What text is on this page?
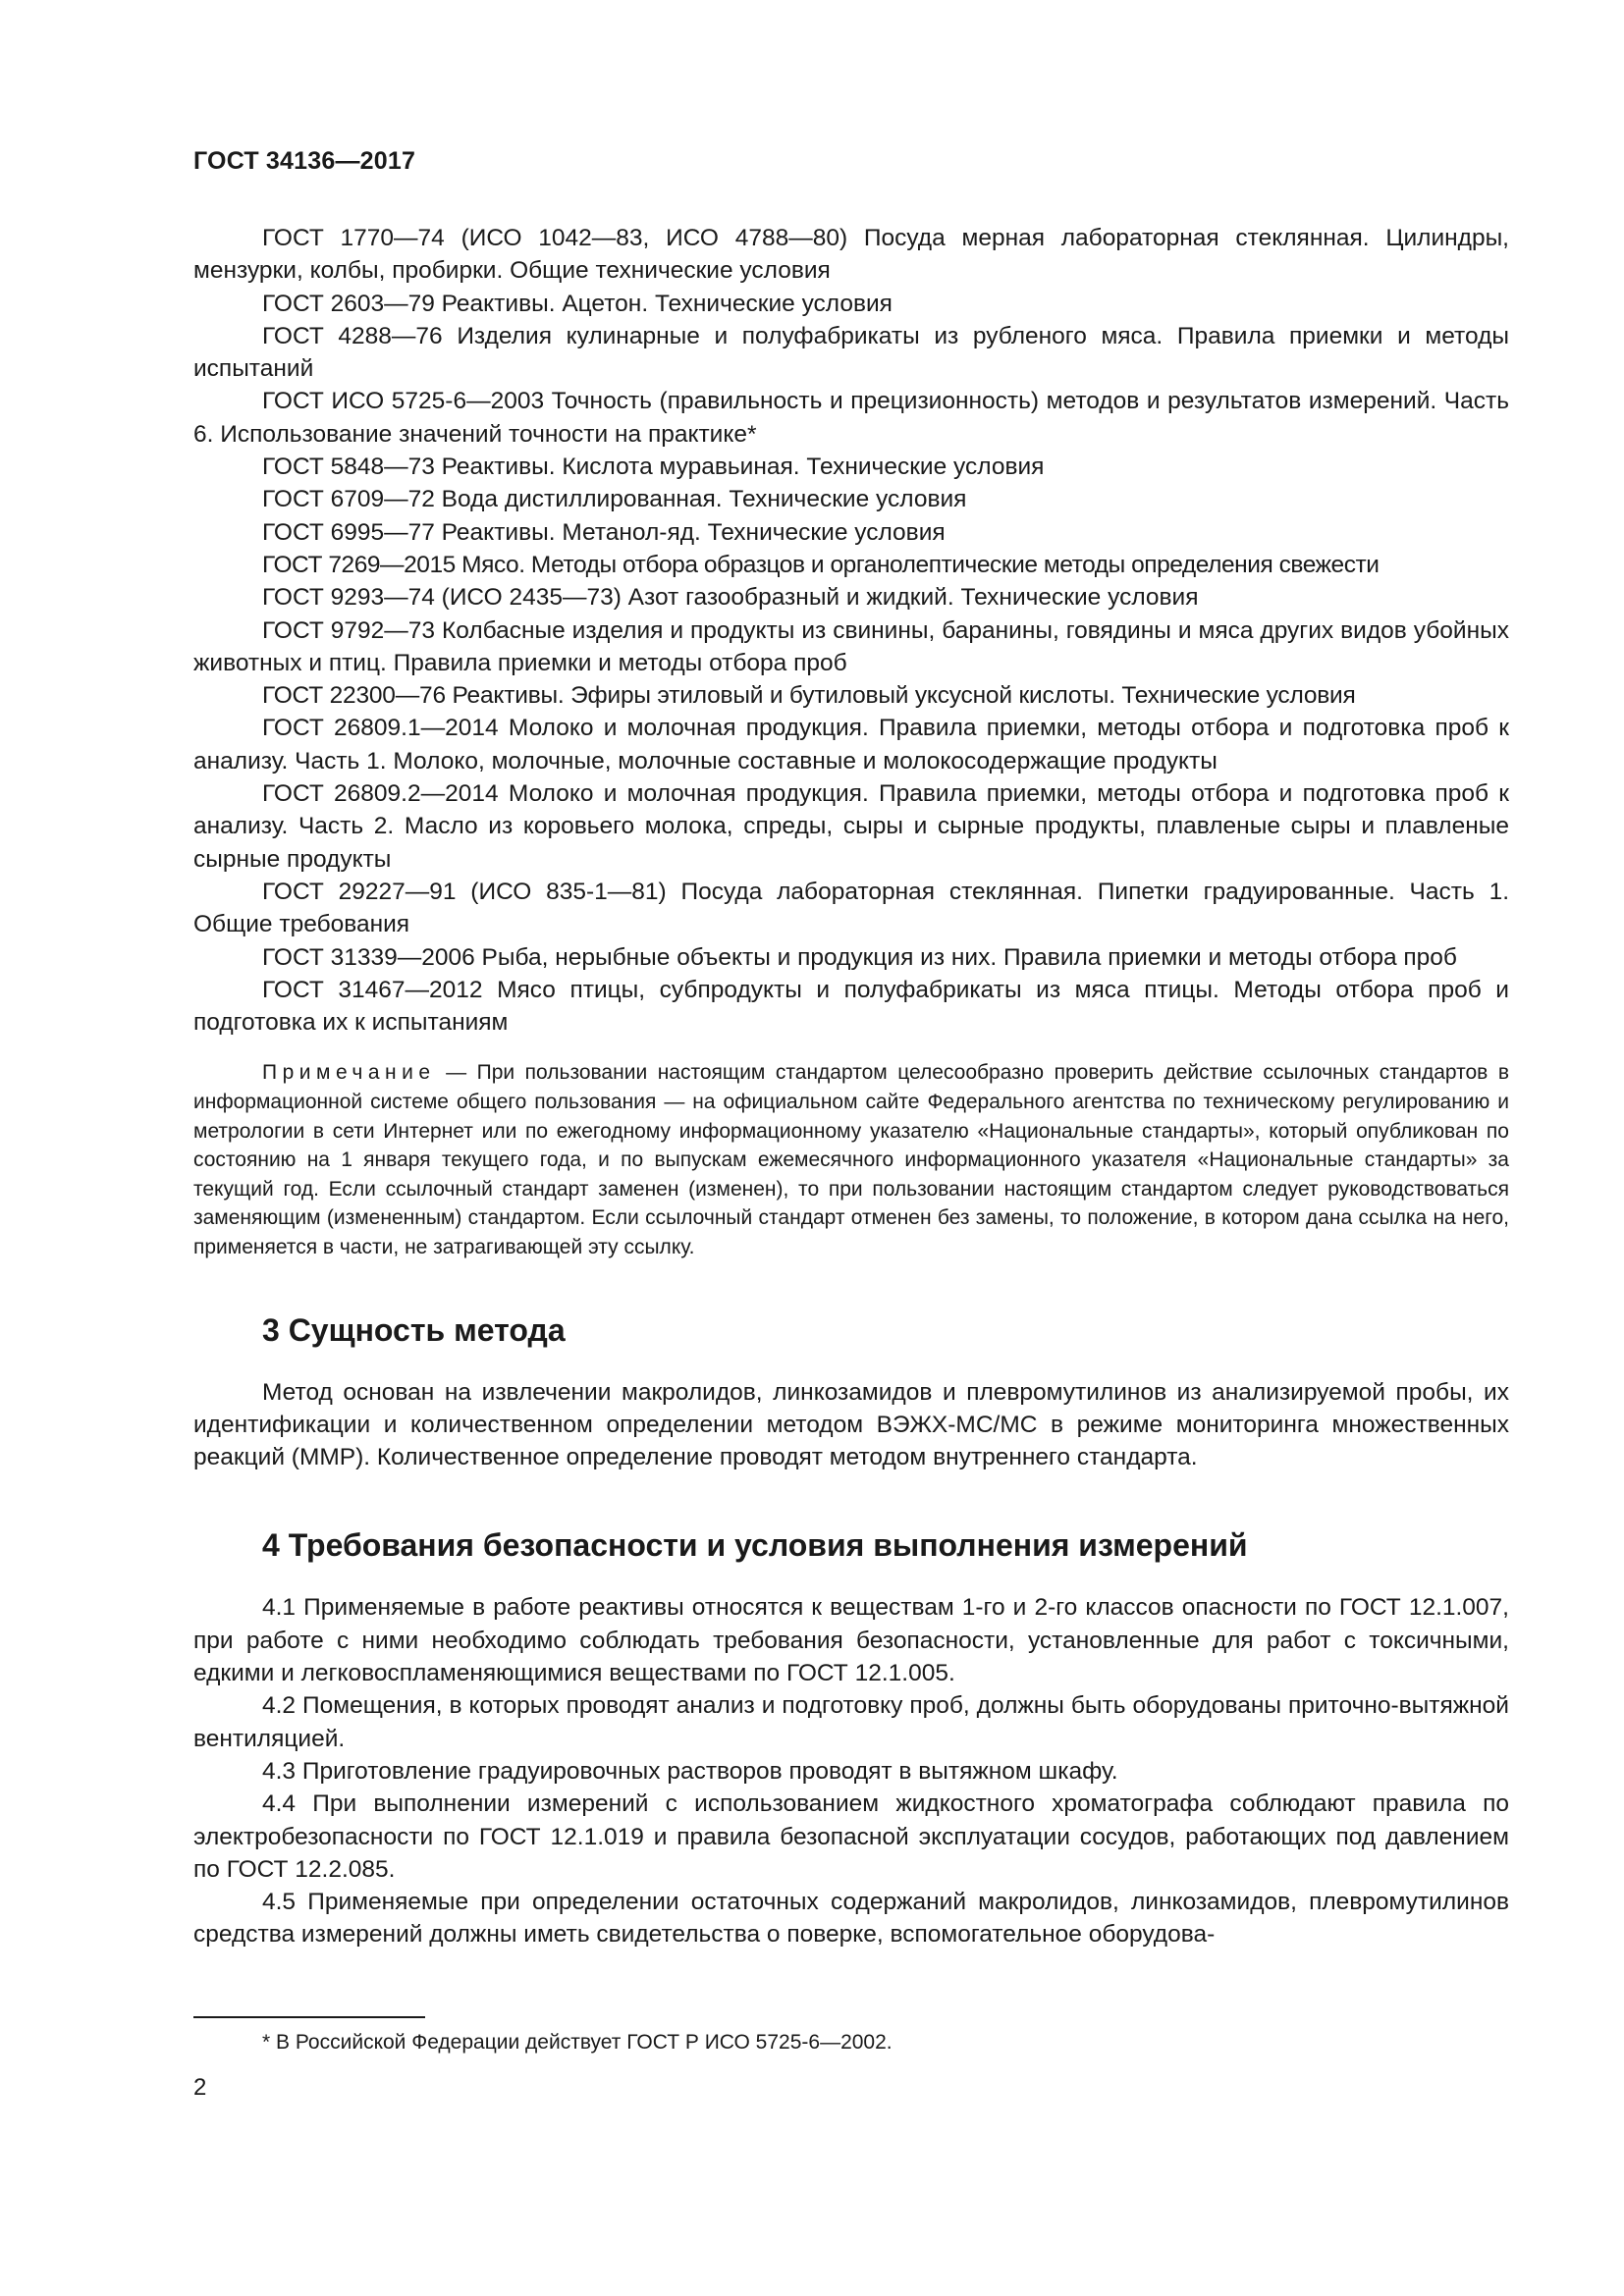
ГОСТ 34136—2017

ГОСТ 1770—74 (ИСО 1042—83, ИСО 4788—80) Посуда мерная лабораторная стеклянная. Цилиндры, мензурки, колбы, пробирки. Общие технические условия

ГОСТ 2603—79 Реактивы. Ацетон. Технические условия

ГОСТ 4288—76 Изделия кулинарные и полуфабрикаты из рубленого мяса. Правила приемки и методы испытаний

ГОСТ ИСО 5725-6—2003 Точность (правильность и прецизионность) методов и результатов измерений. Часть 6. Использование значений точности на практике*

ГОСТ 5848—73 Реактивы. Кислота муравьиная. Технические условия

ГОСТ 6709—72 Вода дистиллированная. Технические условия

ГОСТ 6995—77 Реактивы. Метанол-яд. Технические условия

ГОСТ 7269—2015 Мясо. Методы отбора образцов и органолептические методы определения свежести

ГОСТ 9293—74 (ИСО 2435—73) Азот газообразный и жидкий. Технические условия

ГОСТ 9792—73 Колбасные изделия и продукты из свинины, баранины, говядины и мяса других видов убойных животных и птиц. Правила приемки и методы отбора проб

ГОСТ 22300—76 Реактивы. Эфиры этиловый и бутиловый уксусной кислоты. Технические условия

ГОСТ 26809.1—2014 Молоко и молочная продукция. Правила приемки, методы отбора и подготовка проб к анализу. Часть 1. Молоко, молочные, молочные составные и молокосодержащие продукты

ГОСТ 26809.2—2014 Молоко и молочная продукция. Правила приемки, методы отбора и подготовка проб к анализу. Часть 2. Масло из коровьего молока, спреды, сыры и сырные продукты, плавленые сыры и плавленые сырные продукты

ГОСТ 29227—91 (ИСО 835-1—81) Посуда лабораторная стеклянная. Пипетки градуированные. Часть 1. Общие требования

ГОСТ 31339—2006 Рыба, нерыбные объекты и продукция из них. Правила приемки и методы отбора проб

ГОСТ 31467—2012 Мясо птицы, субпродукты и полуфабрикаты из мяса птицы. Методы отбора проб и подготовка их к испытаниям

Примечание — При пользовании настоящим стандартом целесообразно проверить действие ссылочных стандартов в информационной системе общего пользования — на официальном сайте Федерального агентства по техническому регулированию и метрологии в сети Интернет или по ежегодному информационному указателю «Национальные стандарты», который опубликован по состоянию на 1 января текущего года, и по выпускам ежемесячного информационного указателя «Национальные стандарты» за текущий год. Если ссылочный стандарт заменен (изменен), то при пользовании настоящим стандартом следует руководствоваться заменяющим (измененным) стандартом. Если ссылочный стандарт отменен без замены, то положение, в котором дана ссылка на него, применяется в части, не затрагивающей эту ссылку.
3 Сущность метода

Метод основан на извлечении макролидов, линкозамидов и плевромутилинов из анализируемой пробы, их идентификации и количественном определении методом ВЭЖХ-МС/МС в режиме мониторинга множественных реакций (ММР). Количественное определение проводят методом внутреннего стандарта.

4 Требования безопасности и условия выполнения измерений

4.1 Применяемые в работе реактивы относятся к веществам 1-го и 2-го классов опасности по ГОСТ 12.1.007, при работе с ними необходимо соблюдать требования безопасности, установленные для работ с токсичными, едкими и легковоспламеняющимися веществами по ГОСТ 12.1.005.

4.2 Помещения, в которых проводят анализ и подготовку проб, должны быть оборудованы приточно-вытяжной вентиляцией.

4.3 Приготовление градуировочных растворов проводят в вытяжном шкафу.

4.4 При выполнении измерений с использованием жидкостного хроматографа соблюдают правила по электробезопасности по ГОСТ 12.1.019 и правила безопасной эксплуатации сосудов, работающих под давлением по ГОСТ 12.2.085.

4.5 Применяемые при определении остаточных содержаний макролидов, линкозамидов, плевромутилинов средства измерений должны иметь свидетельства о поверке, вспомогательное оборудова-

* В Российской Федерации действует ГОСТ Р ИСО 5725-6—2002.
2
